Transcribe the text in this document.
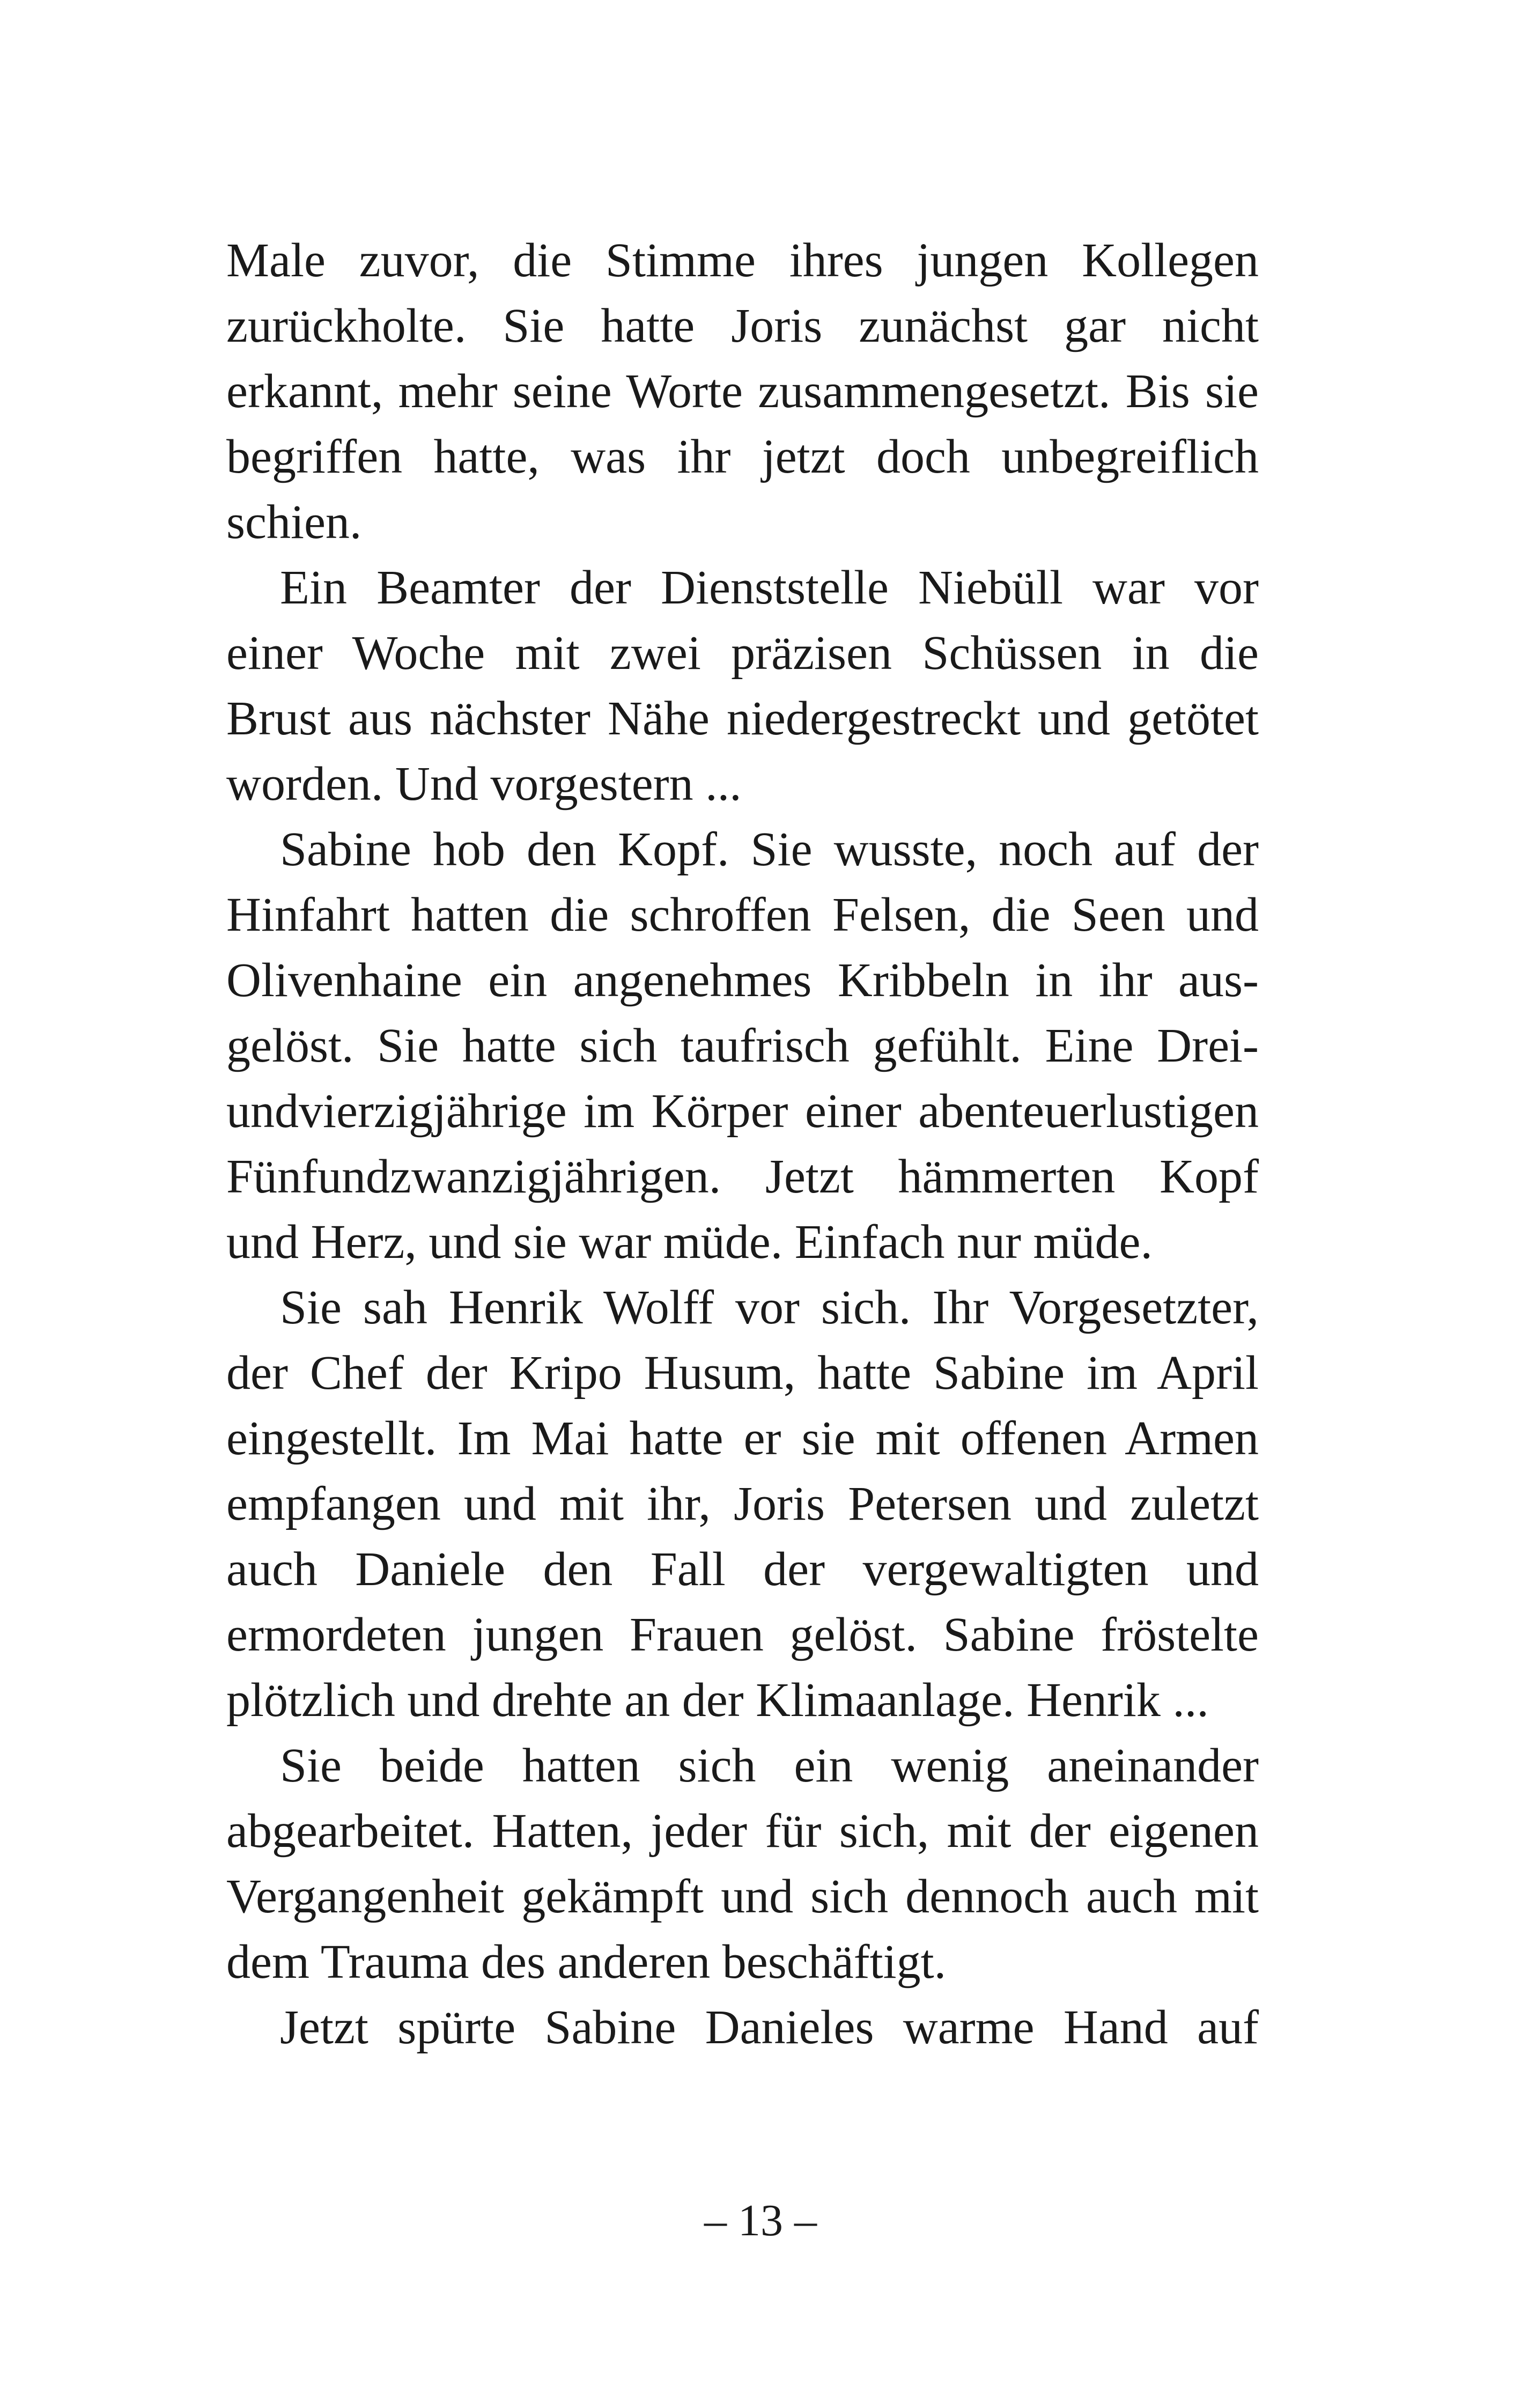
Male zuvor, die Stimme ihres jungen Kollegen
zurückholte. Sie hatte Joris zunächst gar nicht
erkannt, mehr seine Worte zusammengesetzt. Bis sie
begriffen hatte, was ihr jetzt doch unbegreiflich
schien.
Ein Beamter der Dienststelle Niebüll war vor
einer Woche mit zwei präzisen Schüssen in die
Brust aus nächster Nähe niedergestreckt und getötet
worden. Und vorgestern ...
Sabine hob den Kopf. Sie wusste, noch auf der
Hinfahrt hatten die schroffen Felsen, die Seen und
Olivenhaine ein angenehmes Kribbeln in ihr aus-
gelöst. Sie hatte sich taufrisch gefühlt. Eine Drei-
undvierzigjährige im Körper einer abenteuerlustigen
Fünfundzwanzigjährigen. Jetzt hämmerten Kopf
und Herz, und sie war müde. Einfach nur müde.
Sie sah Henrik Wolff vor sich. Ihr Vorgesetzter,
der Chef der Kripo Husum, hatte Sabine im April
eingestellt. Im Mai hatte er sie mit offenen Armen
empfangen und mit ihr, Joris Petersen und zuletzt
auch Daniele den Fall der vergewaltigten und
ermordeten jungen Frauen gelöst. Sabine fröstelte
plötzlich und drehte an der Klimaanlage. Henrik ...
Sie beide hatten sich ein wenig aneinander
abgearbeitet. Hatten, jeder für sich, mit der eigenen
Vergangenheit gekämpft und sich dennoch auch mit
dem Trauma des anderen beschäftigt.
Jetzt spürte Sabine Danieles warme Hand auf
– 13 –
